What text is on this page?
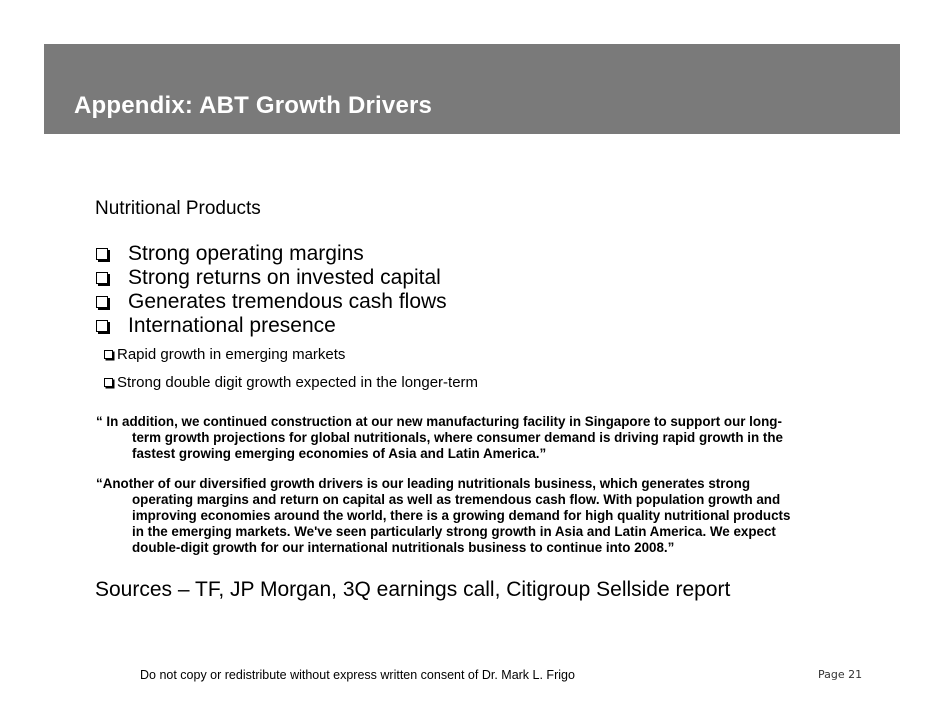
Appendix: ABT Growth Drivers
Nutritional Products
Strong operating margins
Strong returns on invested capital
Generates tremendous cash flows
International presence
Rapid growth in emerging markets
Strong double digit growth expected in the longer-term
“ In addition, we continued construction at our new manufacturing facility in Singapore to support our long-
term growth projections for global nutritionals, where consumer demand is driving rapid growth in the
fastest growing emerging economies of Asia and Latin America.”
“Another of our diversified growth drivers is our leading nutritionals business, which generates strong
operating margins and return on capital as well as tremendous cash flow. With population growth and
improving economies around the world, there is a growing demand for high quality nutritional products
in the emerging markets. We've seen particularly strong growth in Asia and Latin America. We expect
double-digit growth for our international nutritionals business to continue into 2008.”
Sources – TF, JP Morgan, 3Q earnings call, Citigroup Sellside report
Do not copy or redistribute without express written consent of Dr. Mark L. Frigo	Page 21
